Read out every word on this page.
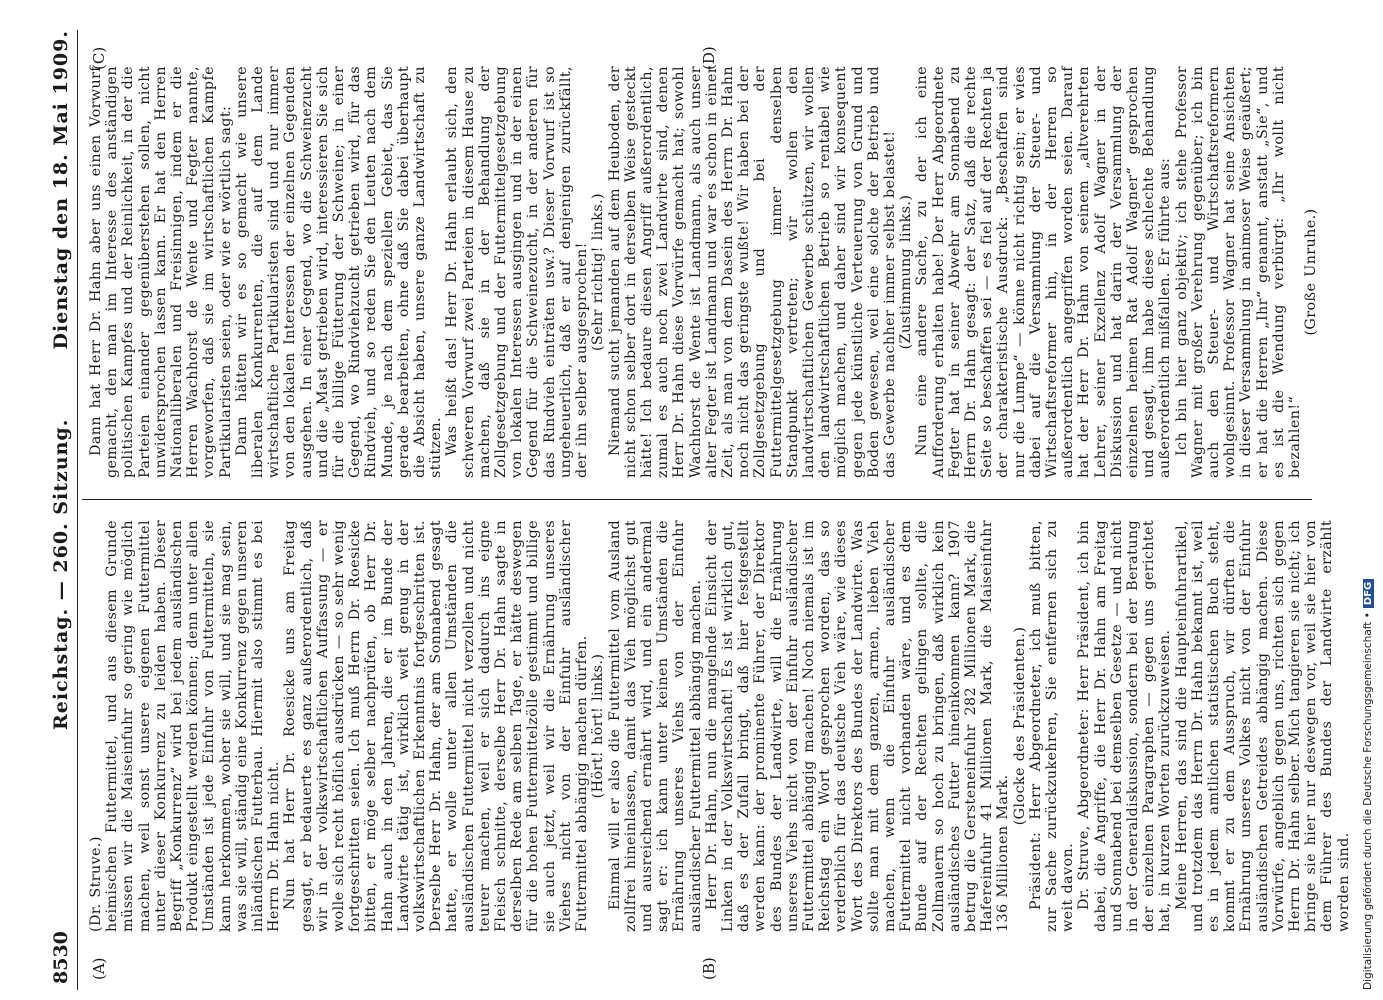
8530
Reichstag. — 260. Sitzung.
Dienstag den 18. Mai 1909.
(A)	(B)
(C)	(D)

(Dr. Struve.) heimischen Futtermittel, und aus diesem Grunde müssen wir die Maiseinfuhr so gering wie möglich machen, weil sonst unsere eigenen Futtermittel unter dieser Konkurrenz zu leiden haben. Dieser Begriff „Konkurrenz“ wird bei jedem ausländischen Produkt eingestellt werden können; denn unter allen Umständen ist jede Einfuhr von Futtermitteln, sie kann herkommen, woher sie will, und sie mag sein, was sie will, ständig eine Konkurrenz gegen unseren inländischen Futterbau. Hiermit also stimmt es bei Herrn Dr. Hahn nicht. Nun hat Herr Dr. Roesicke uns am Freitag gesagt, er bedauerte es ganz außerordentlich, daß wir in der volkswirtschaftlichen Auffassung — er wolle sich recht höflich ausdrücken — so sehr wenig fortgeschritten seien. Ich muß Herrn Dr. Roesicke bitten, er möge selber nachprüfen, ob Herr Dr. Hahn auch in den Jahren, die er im Bunde der Landwirte tätig ist, wirklich weit genug in der volkswirtschaftlichen Erkenntnis fortgeschritten ist. Derselbe Herr Dr. Hahn, der am Sonnabend gesagt hatte, er wolle unter allen Umständen die ausländischen Futtermittel nicht verzollen und nicht teurer machen, weil er sich dadurch ins eigne Fleisch schnitte, derselbe Herr Dr. Hahn sagte in derselben Rede am selben Tage, er hätte deswegen für die hohen Futtermittelzölle gestimmt und billige sie auch jetzt, weil wir die Ernährung unseres Viehes nicht von der Einfuhr ausländischer Futtermittel abhängig machen dürfen. (Hört! hört! links.) Einmal will er also die Futtermittel vom Ausland zollfrei hineinlassen, damit das Vieh möglichst gut und ausreichend ernährt wird, und ein andermal sagt er: ich kann unter keinen Umständen die Ernährung unseres Viehs von der Einfuhr ausländischer Futtermittel abhängig machen. Herr Dr. Hahn, nun die mangelnde Einsicht der Linken in der Volkswirtschaft! Es ist wirklich gut, daß es der Zufall bringt, daß hier festgestellt werden kann: der prominente Führer, der Direktor des Bundes der Landwirte, will die Ernährung unseres Viehs nicht von der Einfuhr ausländischer Futtermittel abhängig machen! Noch niemals ist im Reichstag ein Wort gesprochen worden, das so verderblich für das deutsche Vieh wäre, wie dieses Wort des Direktors des Bundes der Landwirte. Was sollte man mit dem ganzen, armen, lieben Vieh machen, wenn die Einfuhr ausländischer Futtermittel nicht vorhanden wäre, und es dem Bunde auf der Rechten gelingen sollte, die Zollmauern so hoch zu bringen, daß wirklich kein ausländisches Futter hineinkommen kann? 1907 betrug die Gersteneinfuhr 282 Millionen Mark, die Hafereinfuhr 41 Millionen Mark, die Maiseinfuhr 136 Millionen Mark.

(Glocke des Präsidenten.) Präsident: Herr Abgeordneter, ich muß bitten, zur Sache zurückzukehren, Sie entfernen sich zu weit davon. Dr. Struve, Abgeordneter: Herr Präsident, ich bin dabei, die Angriffe, die Herr Dr. Hahn am Freitag und Sonnabend bei demselben Gesetze — und nicht in der Generaldiskussion, sondern bei der Beratung der einzelnen Paragraphen — gegen uns gerichtet hat, in kurzen Worten zurückzuweisen. Meine Herren, das sind die Haupteinfuhrartikel, und trotzdem das Herrn Dr. Hahn bekannt ist, weil es in jedem amtlichen statistischen Buch steht, kommt er zu dem Ausspruch, wir dürften die Ernährung unseres Volkes nicht von der Einfuhr ausländischen Getreides abhängig machen. Diese Vorwürfe, angeblich gegen uns, richten sich gegen Herrn Dr. Hahn selber. Mich tangieren sie nicht; ich bringe sie hier nur deswegen vor, weil sie hier von dem Führer des Bundes der Landwirte erzählt worden sind.

Dann hat Herr Dr. Hahn aber uns einen Vorwurf gemacht, den man im Interesse des anständigen politischen Kampfes und der Reinlichkeit, in der die Parteien einander gegenüberstehen sollen, nicht unwidersprochen lassen kann. Er hat den Herren Nationalliberalen und Freisinnigen, indem er die Herren Wachhorst de Wente und Fegter nannte, vorgeworfen, daß sie im wirtschaftlichen Kampfe Partikularisten seien, oder wie er wörtlich sagt: Dann hätten wir es so gemacht wie unsere liberalen Konkurrenten, die auf dem Lande wirtschaftliche Partikularisten sind und nur immer von den lokalen Interessen der einzelnen Gegenden ausgehen. In einer Gegend, wo die Schweinezucht und die „Mast getrieben wird, interessieren Sie sich für die billige Fütterung der Schweine; in einer Gegend, wo Rindviehzucht getrieben wird, für das Rindvieh, und so reden Sie den Leuten nach dem Munde, je nach dem speziellen Gebiet, das Sie gerade bearbeiten, ohne daß Sie dabei überhaupt die Absicht haben, unsere ganze Landwirtschaft zu stützen. Was heißt das! Herr Dr. Hahn erlaubt sich, den schweren Vorwurf zwei Parteien in diesem Hause zu machen, daß sie in der Behandlung der Zollgesetzgebung und der Futtermittelgesetzgebung von lokalen Interessen ausgingen und in der einen Gegend für die Schweinezucht, in der anderen für das Rindvieh einträten usw.? Dieser Vorwurf ist so ungeheuerlich, daß er auf denjenigen zurückfällt, der ihn selber ausgesprochen! (Sehr richtig! links.) Niemand sucht jemanden auf dem Heuboden, der nicht schon selber dort in derselben Weise gesteckt hätte! Ich bedaure diesen Angriff außerordentlich, zumal es auch noch zwei Landwirte sind, denen Herr Dr. Hahn diese Vorwürfe gemacht hat; sowohl Wachhorst de Wente ist Landmann, als auch unser alter Fegter ist Landmann und war es schon in einer Zeit, als man von dem Dasein des Herrn Dr. Hahn noch nicht das geringste wußte! Wir haben bei der Zollgesetzgebung und bei der Futtermittelgesetzgebung immer denselben Standpunkt vertreten; wir wollen den landwirtschaftlichen Gewerbe schützen, wir wollen den landwirtschaftlichen Betrieb so rentabel wie möglich machen, und daher sind wir konsequent gegen jede künstliche Verteuerung von Grund und Boden gewesen, weil eine solche der Betrieb und das Gewerbe nachher immer selbst belastet! (Zustimmung links.) Nun eine andere Sache, zu der ich eine Aufforderung erhalten habe! Der Herr Abgeordnete Fegter hat in seiner Abwehr am Sonnabend zu Herrn Dr. Hahn gesagt: der Satz, daß die rechte Seite so beschaffen sei — es fiel auf der Rechten ja der charakteristische Ausdruck: „Beschaffen sind nur die Lumpe“ — könne nicht richtig sein; er wies dabei auf die Versammlung der Steuer- und Wirtschaftsreformer hin, in der Herren so außerordentlich angegriffen worden seien. Darauf hat der Herr Dr. Hahn von seinem „altverehrten Lehrer, seiner Exzellenz Adolf Wagner in der Diskussion und hat darin der Versammlung der einzelnen heimen Rat Adolf Wagner“ gesprochen und gesagt, ihm habe diese schlechte Behandlung außerordentlich mißfallen. Er führte aus: Ich bin hier ganz objektiv; ich stehe Professor Wagner mit großer Verehrung gegenüber; ich bin auch den Steuer- und Wirtschaftsreformern wohlgesinnt. Professor Wagner hat seine Ansichten in dieser Versammlung in animoser Weise geäußert; er hat die Herren „Ihr“ genannt, anstatt „Sie“, und es ist die Wendung verbürgt: „Ihr wollt nicht bezahlen!“

(Große Unruhe.)

Digitalisierung gefördert durch die Deutsche Forschungsgemeinschaft •DFG
